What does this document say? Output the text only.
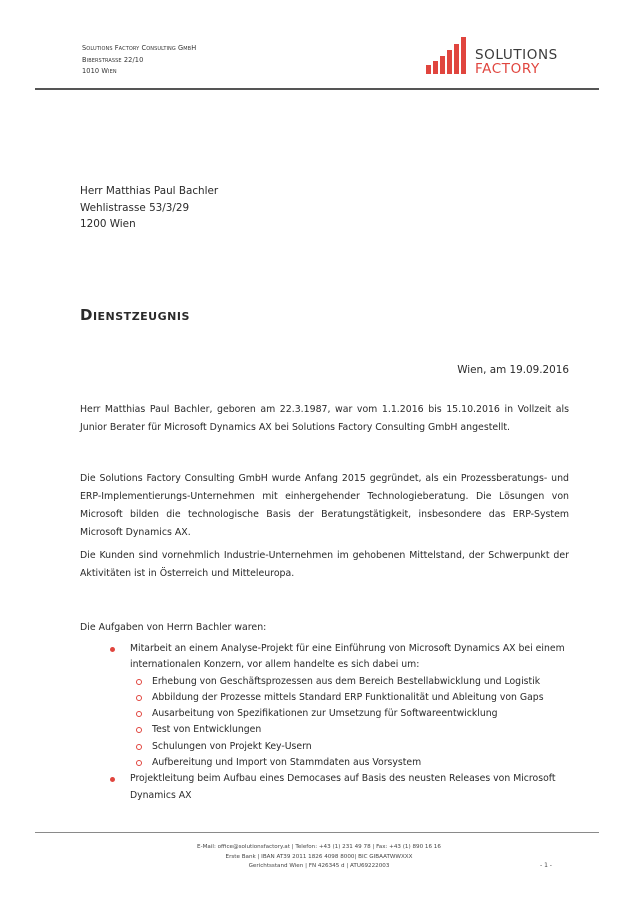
Solutions Factory Consulting GmbH
Biberstrasse 22/10
1010 Wien
SOLUTIONS
FACTORY
Herr Matthias Paul Bachler
Wehlistrasse 53/3/29
1200 Wien
Dienstzeugnis
Wien, am 19.09.2016
Herr Matthias Paul Bachler, geboren am 22.3.1987, war vom 1.1.2016 bis 15.10.2016 in Vollzeit als Junior Berater für Microsoft Dynamics AX bei Solutions Factory Consulting GmbH angestellt.
Die Solutions Factory Consulting GmbH wurde Anfang 2015 gegründet, als ein Prozessberatungs- und ERP-Implementierungs-Unternehmen mit einhergehender Technologieberatung. Die Lösungen von Microsoft bilden die technologische Basis der Beratungstätigkeit, insbesondere das ERP-System Microsoft Dynamics AX.
Die Kunden sind vornehmlich Industrie-Unternehmen im gehobenen Mittelstand, der Schwerpunkt der Aktivitäten ist in Österreich und Mitteleuropa.
Die Aufgaben von Herrn Bachler waren:
Mitarbeit an einem Analyse-Projekt für eine Einführung von Microsoft Dynamics AX bei einem internationalen Konzern, vor allem handelte es sich dabei um:
Erhebung von Geschäftsprozessen aus dem Bereich Bestellabwicklung und Logistik
Abbildung der Prozesse mittels Standard ERP Funktionalität und Ableitung von Gaps
Ausarbeitung von Spezifikationen zur Umsetzung für Softwareentwicklung
Test von Entwicklungen
Schulungen von Projekt Key-Usern
Aufbereitung und Import von Stammdaten aus Vorsystem
Projektleitung beim Aufbau eines Democases auf Basis des neusten Releases von Microsoft Dynamics AX
E-Mail: office@solutionsfactory.at | Telefon: +43 (1) 231 49 78 | Fax: +43 (1) 890 16 16
Erste Bank | IBAN AT39 2011 1826 4098 8000| BIC GIBAATWWXXX
Gerichtsstand Wien | FN 426345 d | ATU69222003	- 1 -
